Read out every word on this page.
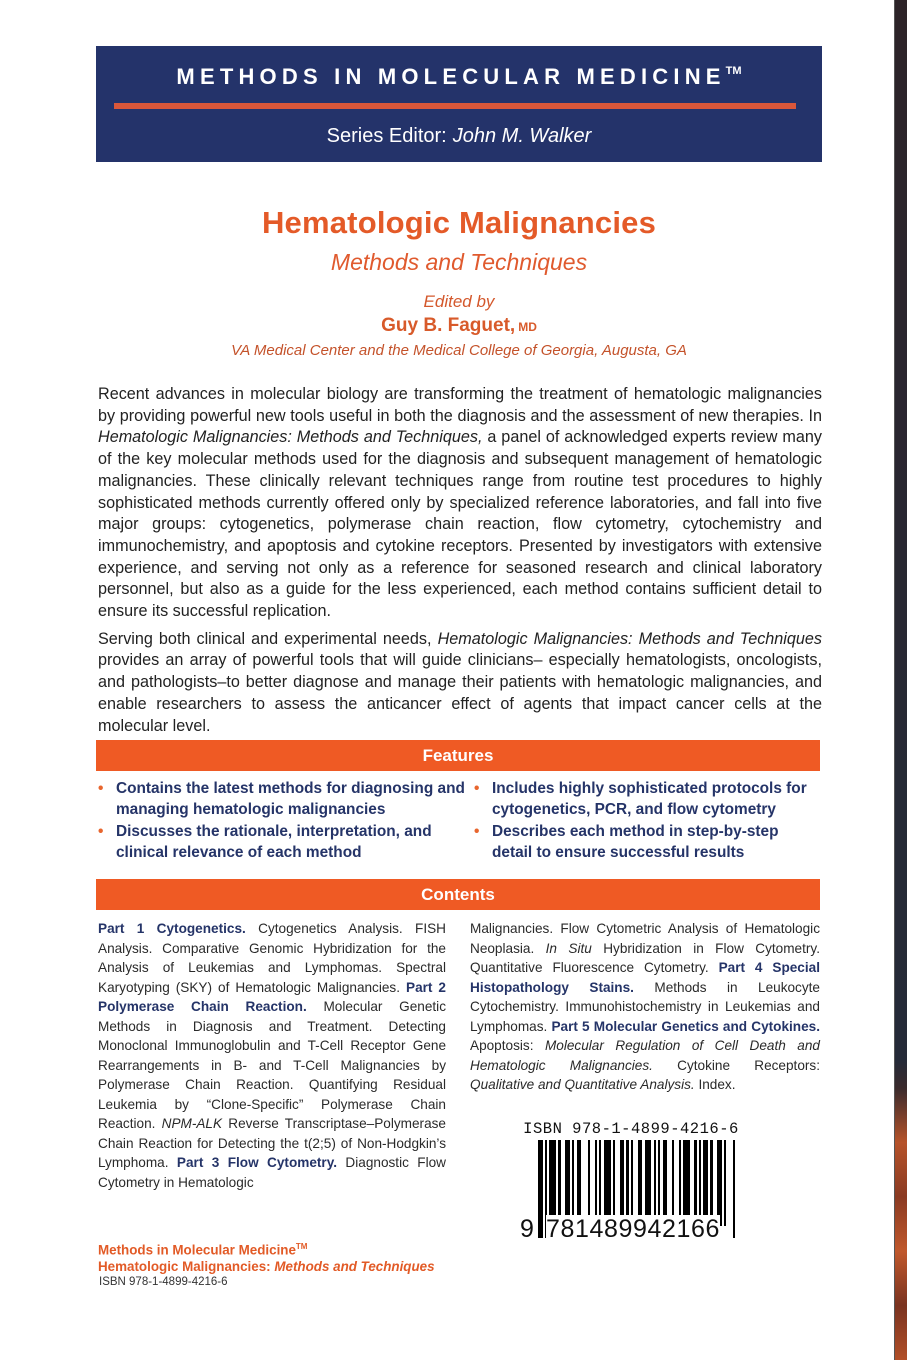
METHODS IN MOLECULAR MEDICINE™
Series Editor: John M. Walker
Hematologic Malignancies
Methods and Techniques
Edited by
Guy B. Faguet, MD
VA Medical Center and the Medical College of Georgia, Augusta, GA

Recent advances in molecular biology are transforming the treatment of hematologic malignancies by providing powerful new tools useful in both the diagnosis and the assessment of new therapies. In Hematologic Malignancies: Methods and Techniques, a panel of acknowledged experts review many of the key molecular methods used for the diagnosis and subsequent management of hematologic malignancies. These clinically relevant techniques range from routine test procedures to highly sophisticated methods currently offered only by specialized reference laboratories, and fall into five major groups: cytogenetics, polymerase chain reaction, flow cytometry, cytochemistry and immunochemistry, and apoptosis and cytokine receptors. Presented by investigators with extensive experience, and serving not only as a reference for seasoned research and clinical laboratory personnel, but also as a guide for the less experienced, each method contains sufficient detail to ensure its successful replication.

Serving both clinical and experimental needs, Hematologic Malignancies: Methods and Techniques provides an array of powerful tools that will guide clinicians– especially hematologists, oncologists, and pathologists–to better diagnose and manage their patients with hematologic malignancies, and enable researchers to assess the anticancer effect of agents that impact cancer cells at the molecular level.

Features
• Contains the latest methods for diagnosing and managing hematologic malignancies
• Includes highly sophisticated protocols for cytogenetics, PCR, and flow cytometry
• Discusses the rationale, interpretation, and clinical relevance of each method
• Describes each method in step-by-step detail to ensure successful results
Contents
Part 1 Cytogenetics. Cytogenetics Analysis. FISH Analysis. Comparative Genomic Hybridization for the Analysis of Leukemias and Lymphomas. Spectral Karyotyping (SKY) of Hematologic Malignancies. Part 2 Polymerase Chain Reaction. Molecular Genetic Methods in Diagnosis and Treatment. Detecting Monoclonal Immunoglobulin and T-Cell Receptor Gene Rearrangements in B- and T-Cell Malignancies by Polymerase Chain Reaction. Quantifying Residual Leukemia by “Clone-Specific” Polymerase Chain Reaction. NPM-ALK Reverse Transcriptase–Polymerase Chain Reaction for Detecting the t(2;5) of Non-Hodgkin’s Lymphoma. Part 3 Flow Cytometry. Diagnostic Flow Cytometry in Hematologic
Malignancies. Flow Cytometric Analysis of Hematologic Neoplasia. In Situ Hybridization in Flow Cytometry. Quantitative Fluorescence Cytometry. Part 4 Special Histopathology Stains. Methods in Leukocyte Cytochemistry. Immunohistochemistry in Leukemias and Lymphomas. Part 5 Molecular Genetics and Cytokines. Apoptosis: Molecular Regulation of Cell Death and Hematologic Malignancies. Cytokine Receptors: Qualitative and Quantitative Analysis. Index.
ISBN 978-1-4899-4216-6
9 781489 942166
Methods in Molecular Medicine™
Hematologic Malignancies: Methods and Techniques
ISBN 978-1-4899-4216-6
